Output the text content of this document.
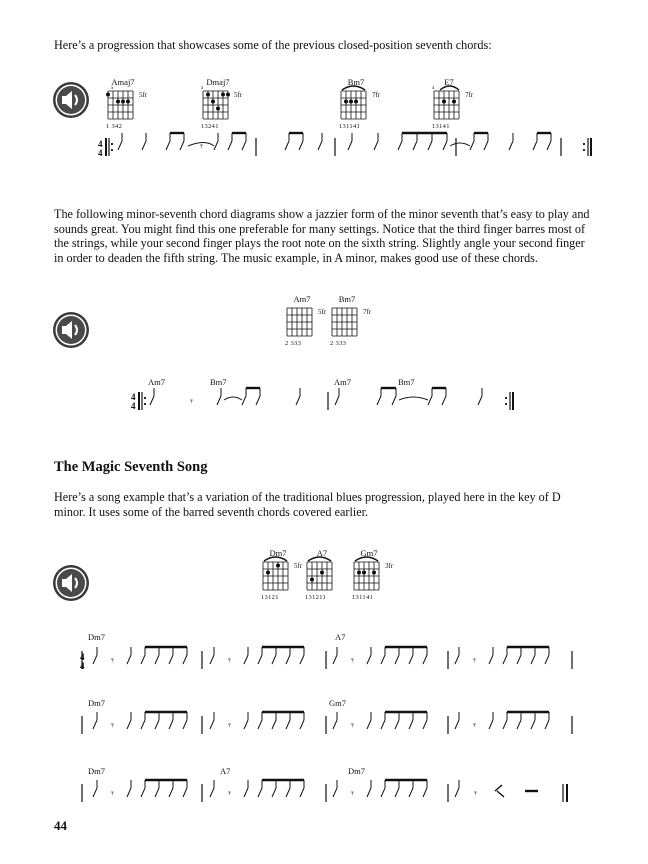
Here’s a progression that showcases some of the previous closed-position seventh chords:

Amaj7
x
5fr
1 342
Dmaj7
x
5fr
13241
Bm7
7fr
131141
E7
x
7fr
13141
4
4	𝄾

The following minor-seventh chord diagrams show a jazzier form of the minor seventh that’s easy to play and sounds great. You might find this one preferable for many settings. Notice that the third finger barres most of the strings, while your second finger plays the root note on the sixth string. Slightly angle your second finger in order to deaden the fifth string. The music example, in A minor, makes good use of these chords.

Am7
5fr
2 333
Bm7
7fr
2 333
Am7	Bm7	Am7	Bm7
4
4	𝄾
The Magic Seventh Song

Here’s a song example that’s a variation of the traditional blues progression, played here in the key of D minor. It uses some of the barred seventh chords covered earlier.

Dm7
5fr
13121
A7
131211
Gm7
3fr
131141
Dm7	A7
Dm7	Gm7
Dm7	A7	Dm7
𝄾	𝄾	𝄾	𝄾
𝄾	𝄾	𝄾	𝄾
𝄾	𝄾	𝄾	𝄾
4
4
44
